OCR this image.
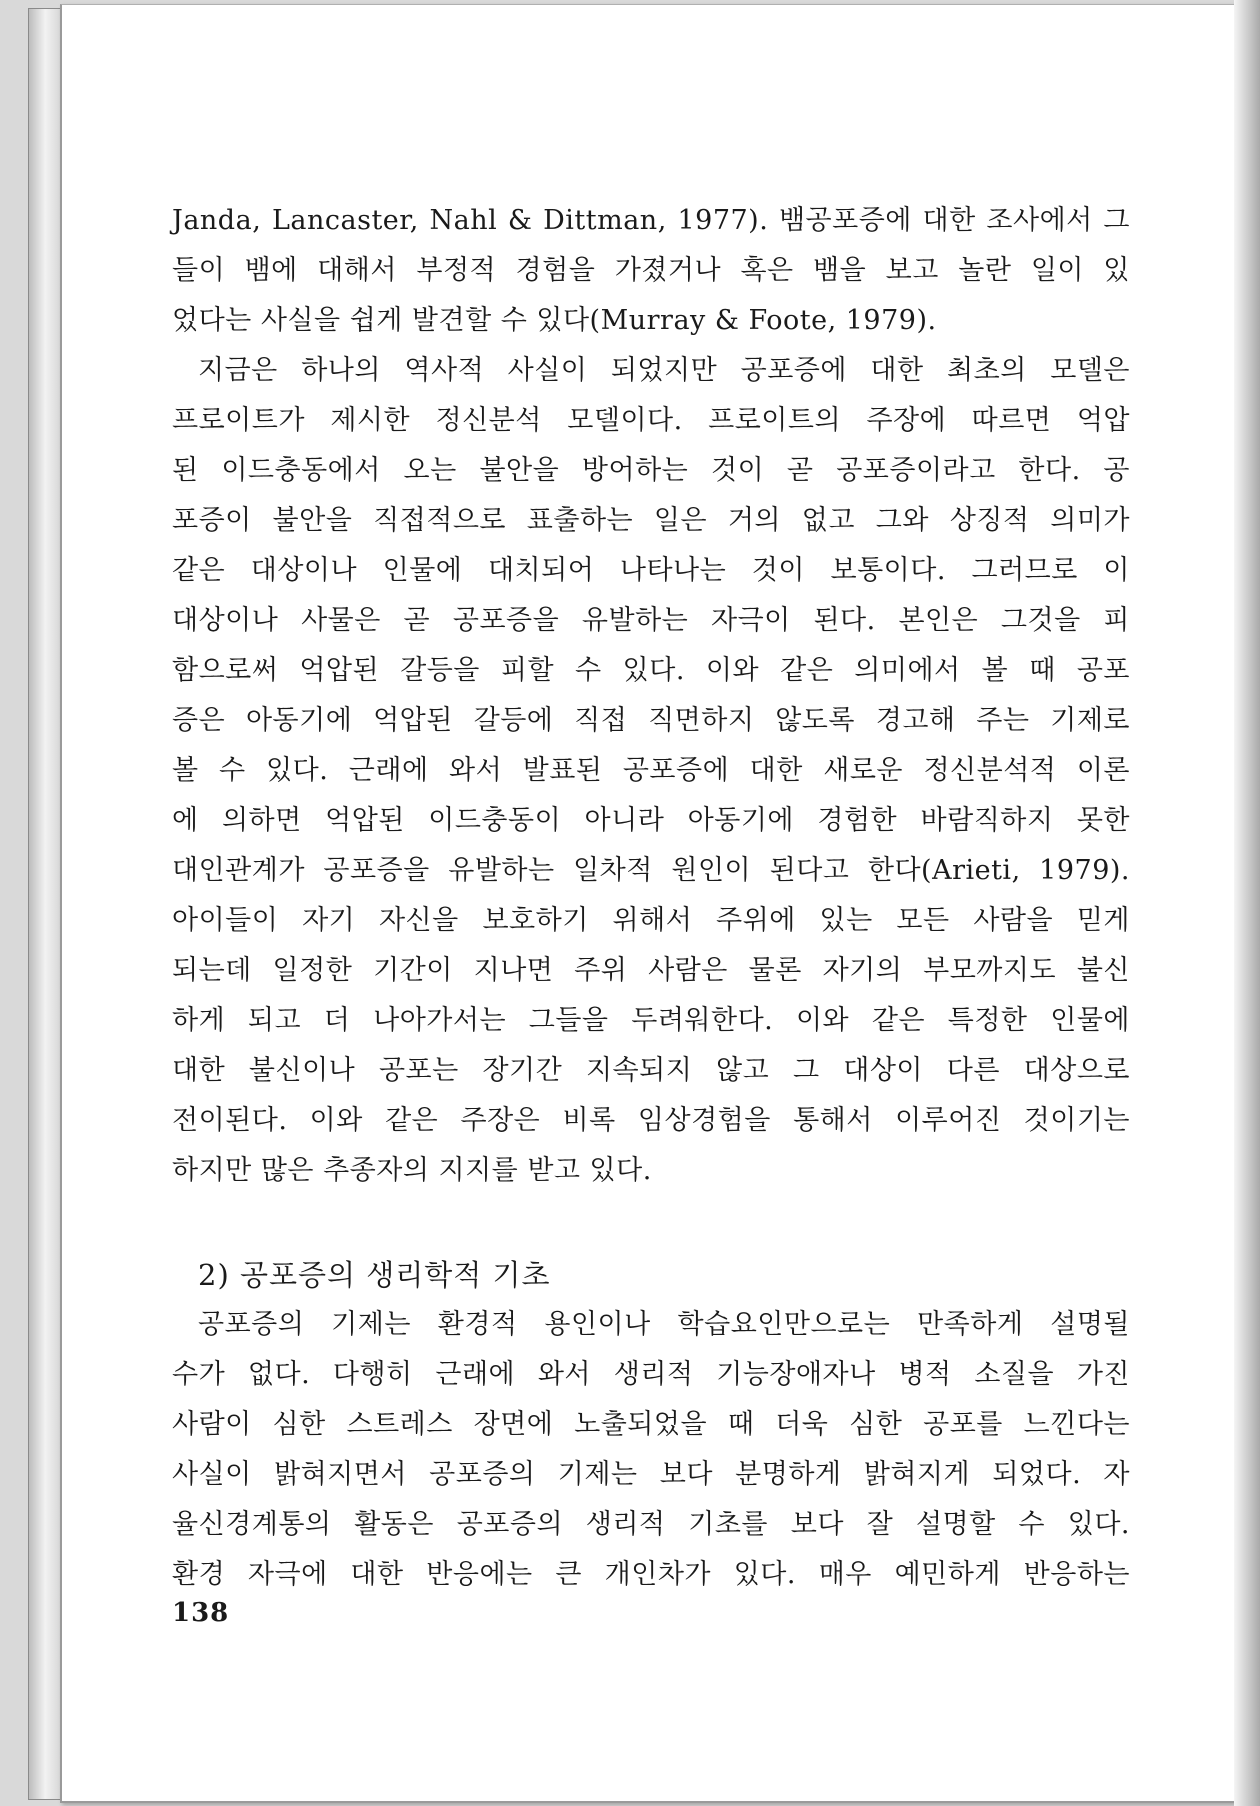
Janda, Lancaster, Nahl & Dittman, 1977). 뱀공포증에 대한 조사에서 그
들이 뱀에 대해서 부정적 경험을 가졌거나 혹은 뱀을 보고 놀란 일이 있
었다는 사실을 쉽게 발견할 수 있다(Murray & Foote, 1979).
지금은 하나의 역사적 사실이 되었지만 공포증에 대한 최초의 모델은
프로이트가 제시한 정신분석 모델이다. 프로이트의 주장에 따르면 억압
된 이드충동에서 오는 불안을 방어하는 것이 곧 공포증이라고 한다. 공
포증이 불안을 직접적으로 표출하는 일은 거의 없고 그와 상징적 의미가
같은 대상이나 인물에 대치되어 나타나는 것이 보통이다. 그러므로 이
대상이나 사물은 곧 공포증을 유발하는 자극이 된다. 본인은 그것을 피
함으로써 억압된 갈등을 피할 수 있다. 이와 같은 의미에서 볼 때 공포
증은 아동기에 억압된 갈등에 직접 직면하지 않도록 경고해 주는 기제로
볼 수 있다. 근래에 와서 발표된 공포증에 대한 새로운 정신분석적 이론
에 의하면 억압된 이드충동이 아니라 아동기에 경험한 바람직하지 못한
대인관계가 공포증을 유발하는 일차적 원인이 된다고 한다(Arieti, 1979).
아이들이 자기 자신을 보호하기 위해서 주위에 있는 모든 사람을 믿게
되는데 일정한 기간이 지나면 주위 사람은 물론 자기의 부모까지도 불신
하게 되고 더 나아가서는 그들을 두려워한다. 이와 같은 특정한 인물에
대한 불신이나 공포는 장기간 지속되지 않고 그 대상이 다른 대상으로
전이된다. 이와 같은 주장은 비록 임상경험을 통해서 이루어진 것이기는
하지만 많은 추종자의 지지를 받고 있다.
2) 공포증의 생리학적 기초
공포증의 기제는 환경적 용인이나 학습요인만으로는 만족하게 설명될
수가 없다. 다행히 근래에 와서 생리적 기능장애자나 병적 소질을 가진
사람이 심한 스트레스 장면에 노출되었을 때 더욱 심한 공포를 느낀다는
사실이 밝혀지면서 공포증의 기제는 보다 분명하게 밝혀지게 되었다. 자
율신경계통의 활동은 공포증의 생리적 기초를 보다 잘 설명할 수 있다.
환경 자극에 대한 반응에는 큰 개인차가 있다. 매우 예민하게 반응하는
138
